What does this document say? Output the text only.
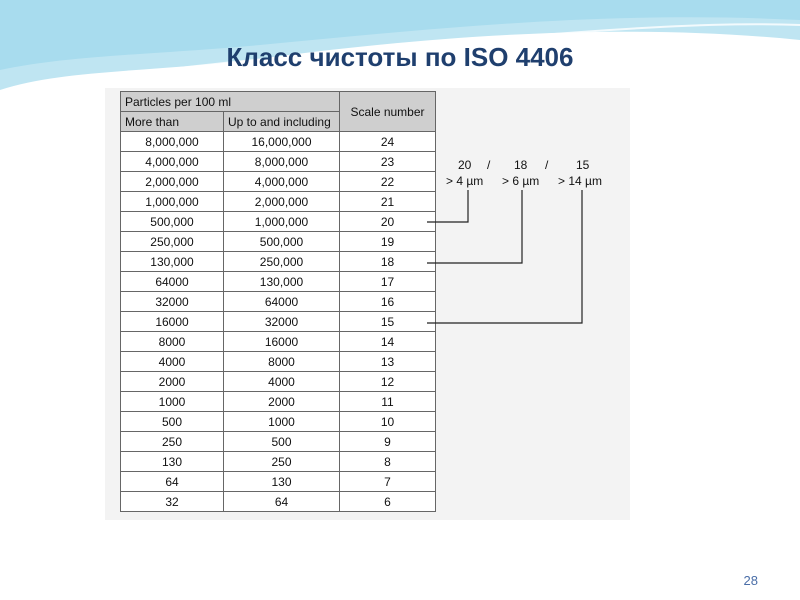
Класс чистоты по ISO 4406
Particles per 100 ml		Scale number
More than	Up to and including	
8,000,000	16,000,000	24
4,000,000	8,000,000	23
2,000,000	4,000,000	22
1,000,000	2,000,000	21
500,000	1,000,000	20
250,000	500,000	19
130,000	250,000	18
64000	130,000	17
32000	64000	16
16000	32000	15
8000	16000	14
4000	8000	13
2000	4000	12
1000	2000	11
500	1000	10
250	500	9
130	250	8
64	130	7
32	64	6
20 / 18 / 15
> 4 µm > 6 µm > 14 µm
28
